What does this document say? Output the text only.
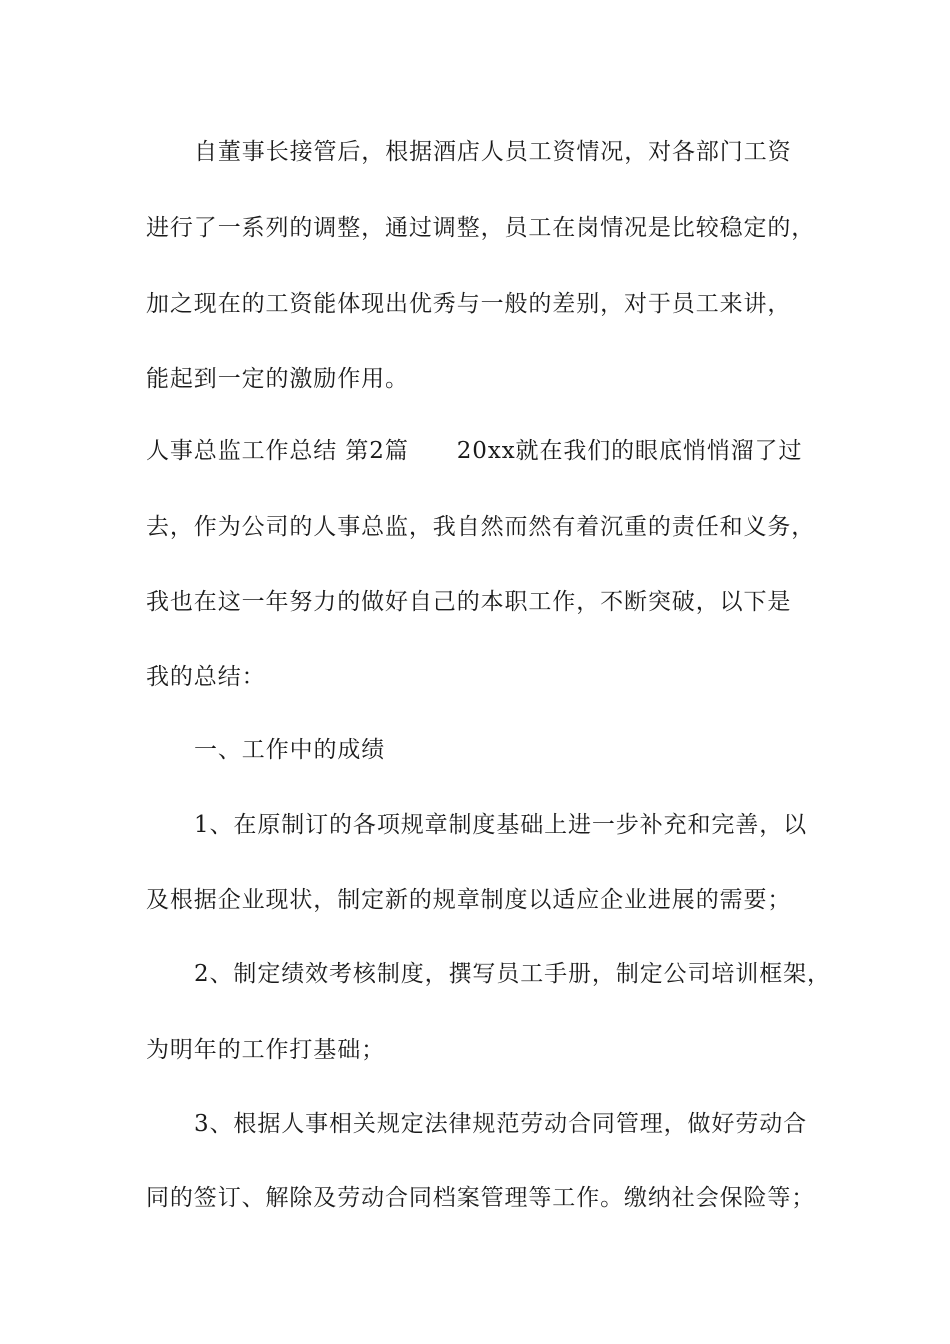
自董事长接管后，根据酒店人员工资情况，对各部门工资
进行了一系列的调整，通过调整，员工在岗情况是比较稳定的，
加之现在的工资能体现出优秀与一般的差别，对于员工来讲，
能起到一定的激励作用。
人事总监工作总结 第2篇 20xx就在我们的眼底悄悄溜了过
去，作为公司的人事总监，我自然而然有着沉重的责任和义务，
我也在这一年努力的做好自己的本职工作，不断突破，以下是
我的总结：
一、工作中的成绩
1、在原制订的各项规章制度基础上进一步补充和完善，以
及根据企业现状，制定新的规章制度以适应企业进展的需要；
2、制定绩效考核制度，撰写员工手册，制定公司培训框架，
为明年的工作打基础；
3、根据人事相关规定法律规范劳动合同管理，做好劳动合
同的签订、解除及劳动合同档案管理等工作。缴纳社会保险等；
